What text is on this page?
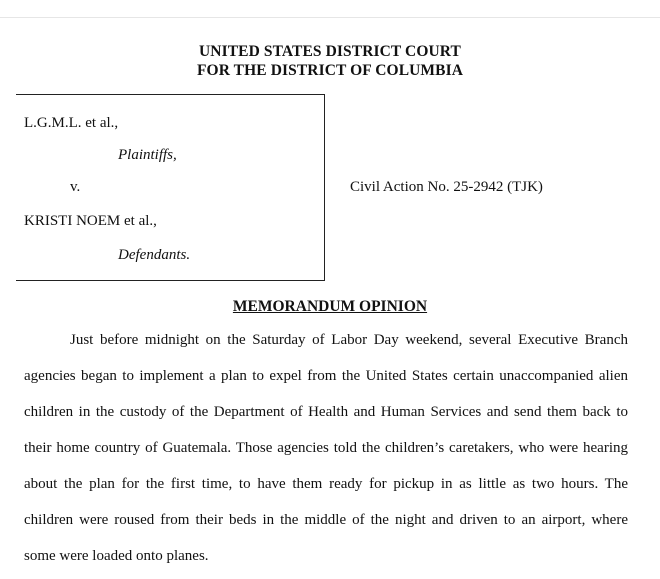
UNITED STATES DISTRICT COURT
FOR THE DISTRICT OF COLUMBIA
L.G.M.L. et al.,
Plaintiffs,
v.
KRISTI NOEM et al.,
Defendants.
Civil Action No. 25-2942 (TJK)
MEMORANDUM OPINION
Just before midnight on the Saturday of Labor Day weekend, several Executive Branch
agencies began to implement a plan to expel from the United States certain unaccompanied alien
children in the custody of the Department of Health and Human Services and send them back to
their home country of Guatemala. Those agencies told the children’s caretakers, who were hearing
about the plan for the first time, to have them ready for pickup in as little as two hours. The
children were roused from their beds in the middle of the night and driven to an airport, where
some were loaded onto planes.
